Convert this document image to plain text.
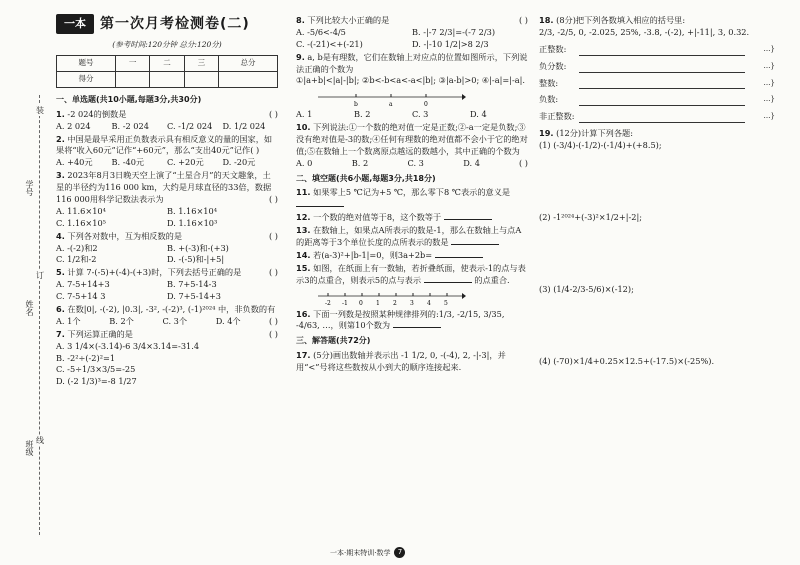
班级
姓名
学号
装
订
线
一本	第一次月考检测卷(二)
(参考时间:120分钟 总分:120分)
题号	一	二	三	总分
得分				
一、单选题(共10小题,每题3分,共30分)
1. -2 024的倒数是	( )
A. 2 024	B. -2 024	C. -1/2 024	D. 1/2 024
2. 中国是最早采用正负数表示具有相反意义的量的国家，如果将“收入60元”记作“+60元”，那么“支出40元”记作( )
A. +40元	B. -40元	C. +20元	D. -20元
3. 2023年8月3日晚天空上演了“土星合月”的天文趣象，土星的半径约为116 000 km，大约是月球直径的33倍，数据116 000用科学记数法表示为	( )
A. 11.6×10⁴	B. 1.16×10⁴
C. 1.16×10⁵	D. 1.16×10³
4. 下列各对数中，互为相反数的是	( )
A. -(-2)和2	B. +(-3)和-(+3)
C. 1/2和-2	D. -(-5)和-|+5|
5. 计算 7-(-5)+(-4)-(+3)时，下列去括号正确的是	( )
A. 7-5+14+3	B. 7+5-14-3
C. 7-5+14 3	D. 7+5-14+3
6. 在数|0|, -(-2), |0.3|, -3², -(-2)³, (-1)²⁰²⁴ 中，非负数的有
( )
A. 1个	B. 2个	C. 3个	D. 4个
7. 下列运算正确的是	( )
A. 3 1/4×(-3.14)-6 3/4×3.14=-31.4
B. -2²÷(-2)²=1
C. -5÷1/3×3/5=-25
D. (-2 1/3)³=-8 1/27
8. 下列比较大小正确的是	( )
A. -5/6<-4/5	B. -|-7 2/3|=-(-7 2/3)
C. -(-21)<+(-21)	D. -|-10 1/2|>8 2/3
9. a, b是有理数，它们在数轴上对应点的位置如图所示，下列说法正确的个数为
①|a+b|<|a|-|b|; ②b<-b<a<-a<|b|; ③|a-b|>0; ④|-a|=|-a|.
b	a	0
A. 1	B. 2	C. 3	D. 4
10. 下列说法:①一个数的绝对值一定是正数;②-a一定是负数;③没有绝对值是-3的数;④任何有理数的绝对值都不会小于它的绝对值;⑤在数轴上一个数离原点越远的数越小，其中正确的个数为
( )
A. 0	B. 2	C. 3	D. 4
二、填空题(共6小题,每题3分,共18分)
11. 如果零上5 ℃记为+5 ℃，那么零下8 ℃表示的意义是
12. 一个数的绝对值等于8，这个数等于
13. 在数轴上，如果点A所表示的数是-1，那么在数轴上与点A的距离等于3个单位长度的点所表示的数是
14. 若(a-3)²+|b-1|=0，则3a+2b=
15. 如图，在纸面上有一数轴，若折叠纸面，使表示-1的点与表示3的点重合，则表示5的点与表示	的点重合.
-2 -1 0 1 2 3 4 5
16. 下面一列数是按照某种规律排列的:1/3, -2/15, 3/35, -4/63, …，则第10个数为
三、解答题(共72分)
17. (5分)画出数轴并表示出 -1 1/2, 0, -(-4), 2, -|-3|，并用“<”号将这些数按从小到大的顺序连接起来.
18. (8分)把下列各数填入相应的括号里:
2/3, -2/5, 0, -2.025, 25%, -3.8, -(-2), +|-11|, 3, 0.32.
正整数:	…}
负分数:	…}
整数:	…}
负数:	…}
非正整数:	…}
19. (12分)计算下列各题:
(1) (-3/4)-(-1/2)-(-1/4)+(+8.5);
(2) -1²⁰²⁴+(-3)²×1/2+|-2|;
(3) (1/4-2/3-5/6)×(-12);
(4) (-70)×1/4+0.25×12.5+(-17.5)×(-25%).
一本·期末特训·数学	7
